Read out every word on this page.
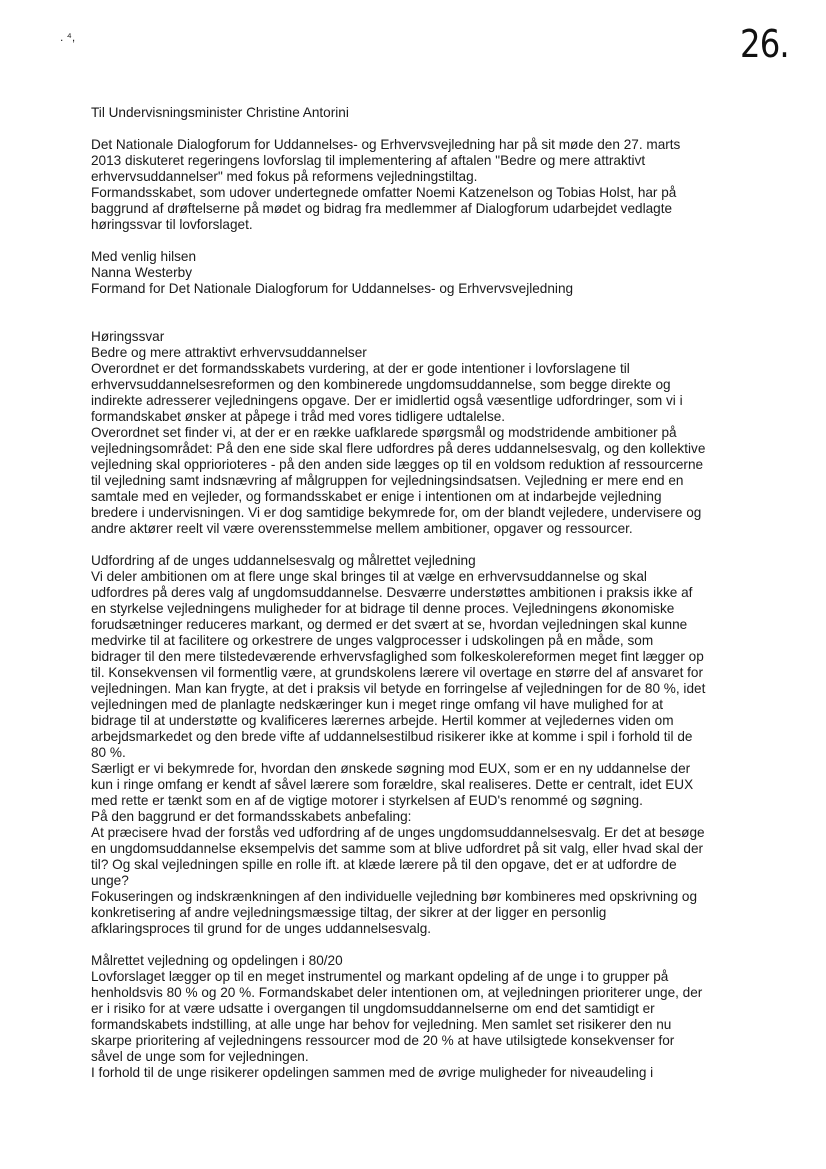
. ⁴,	26.

Til Undervisningsminister Christine Antorini

Det Nationale Dialogforum for Uddannelses- og Erhvervsvejledning har på sit møde den 27. marts
2013 diskuteret regeringens lovforslag til implementering af aftalen "Bedre og mere attraktivt
erhvervsuddannelser" med fokus på reformens vejledningstiltag.
Formandsskabet, som udover undertegnede omfatter Noemi Katzenelson og Tobias Holst, har på
baggrund af drøftelserne på mødet og bidrag fra medlemmer af Dialogforum udarbejdet vedlagte
høringssvar til lovforslaget.

Med venlig hilsen

Nanna Westerby

Formand for Det Nationale Dialogforum for Uddannelses- og Erhvervsvejledning

Høringssvar

Bedre og mere attraktivt erhvervsuddannelser

Overordnet er det formandsskabets vurdering, at der er gode intentioner i lovforslagene til
erhvervsuddannelsesreformen og den kombinerede ungdomsuddannelse, som begge direkte og
indirekte adresserer vejledningens opgave. Der er imidlertid også væsentlige udfordringer, som vi i
formandskabet ønsker at påpege i tråd med vores tidligere udtalelse.
Overordnet set finder vi, at der er en række uafklarede spørgsmål og modstridende ambitioner på
vejledningsområdet: På den ene side skal flere udfordres på deres uddannelsesvalg, og den kollektive
vejledning skal oppriorioteres - på den anden side lægges op til en voldsom reduktion af ressourcerne
til vejledning samt indsnævring af målgruppen for vejledningsindsatsen. Vejledning er mere end en
samtale med en vejleder, og formandsskabet er enige i intentionen om at indarbejde vejledning
bredere i undervisningen. Vi er dog samtidige bekymrede for, om der blandt vejledere, undervisere og
andre aktører reelt vil være overensstemmelse mellem ambitioner, opgaver og ressourcer.

Udfordring af de unges uddannelsesvalg og målrettet vejledning

Vi deler ambitionen om at flere unge skal bringes til at vælge en erhvervsuddannelse og skal
udfordres på deres valg af ungdomsuddannelse. Desværre understøttes ambitionen i praksis ikke af
en styrkelse vejledningens muligheder for at bidrage til denne proces. Vejledningens økonomiske
forudsætninger reduceres markant, og dermed er det svært at se, hvordan vejledningen skal kunne
medvirke til at facilitere og orkestrere de unges valgprocesser i udskolingen på en måde, som
bidrager til den mere tilstedeværende erhvervsfaglighed som folkeskolereformen meget fint lægger op
til. Konsekvensen vil formentlig være, at grundskolens lærere vil overtage en større del af ansvaret for
vejledningen. Man kan frygte, at det i praksis vil betyde en forringelse af vejledningen for de 80 %, idet
vejledningen med de planlagte nedskæringer kun i meget ringe omfang vil have mulighed for at
bidrage til at understøtte og kvalificeres lærernes arbejde. Hertil kommer at vejledernes viden om
arbejdsmarkedet og den brede vifte af uddannelsestilbud risikerer ikke at komme i spil i forhold til de
80 %.
Særligt er vi bekymrede for, hvordan den ønskede søgning mod EUX, som er en ny uddannelse der
kun i ringe omfang er kendt af såvel lærere som forældre, skal realiseres. Dette er centralt, idet EUX
med rette er tænkt som en af de vigtige motorer i styrkelsen af EUD's renommé og søgning.
På den baggrund er det formandsskabets anbefaling:
At præcisere hvad der forstås ved udfordring af de unges ungdomsuddannelsesvalg. Er det at besøge
en ungdomsuddannelse eksempelvis det samme som at blive udfordret på sit valg, eller hvad skal der
til? Og skal vejledningen spille en rolle ift. at klæde lærere på til den opgave, det er at udfordre de
unge?
Fokuseringen og indskrænkningen af den individuelle vejledning bør kombineres med opskrivning og
konkretisering af andre vejledningsmæssige tiltag, der sikrer at der ligger en personlig
afklaringsproces til grund for de unges uddannelsesvalg.

Målrettet vejledning og opdelingen i 80/20

Lovforslaget lægger op til en meget instrumentel og markant opdeling af de unge i to grupper på
henholdsvis 80 % og 20 %. Formandskabet deler intentionen om, at vejledningen prioriterer unge, der
er i risiko for at være udsatte i overgangen til ungdomsuddannelserne om end det samtidigt er
formandskabets indstilling, at alle unge har behov for vejledning. Men samlet set risikerer den nu
skarpe prioritering af vejledningens ressourcer mod de 20 % at have utilsigtede konsekvenser for
såvel de unge som for vejledningen.
I forhold til de unge risikerer opdelingen sammen med de øvrige muligheder for niveaudeling i
